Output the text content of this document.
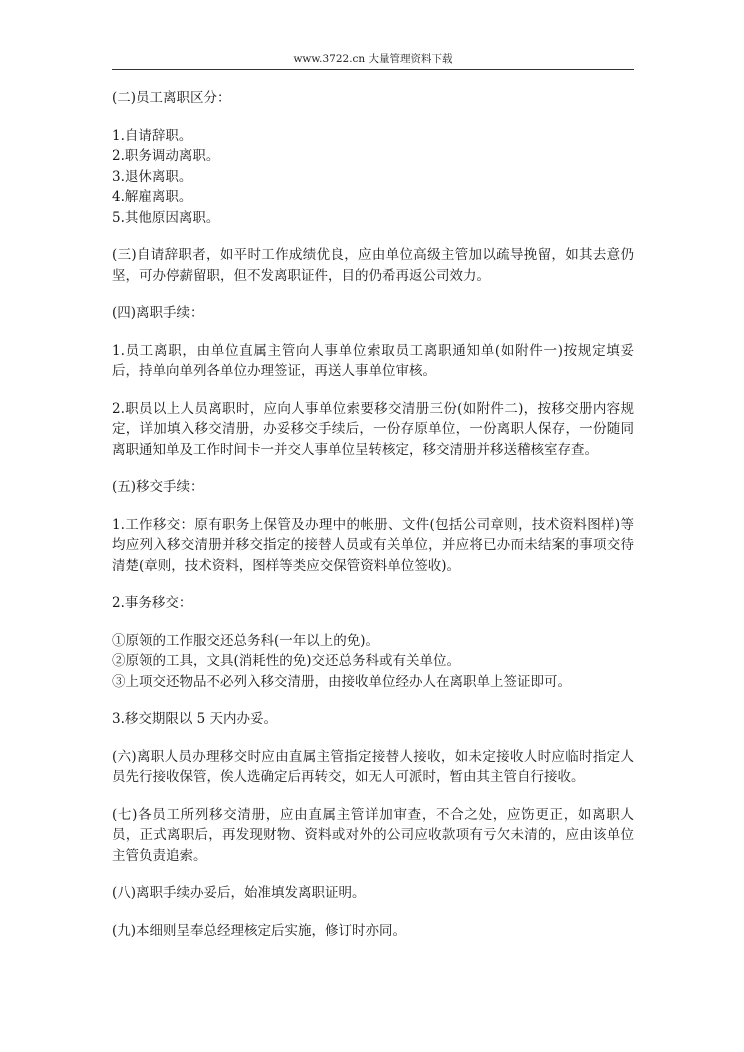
www.3722.cn 大量管理资料下载

(二)员工离职区分：

1.自请辞职。
2.职务调动离职。
3.退休离职。
4.解雇离职。
5.其他原因离职。

(三)自请辞职者，如平时工作成绩优良，应由单位高级主管加以疏导挽留，如其去意仍坚，可办停薪留职，但不发离职证件，目的仍希再返公司效力。

(四)离职手续：

1.员工离职，由单位直属主管向人事单位索取员工离职通知单(如附件一)按规定填妥后，持单向单列各单位办理签证，再送人事单位审核。

2.职员以上人员离职时，应向人事单位索要移交清册三份(如附件二)，按移交册内容规定，详加填入移交清册，办妥移交手续后，一份存原单位，一份离职人保存，一份随同离职通知单及工作时间卡一并交人事单位呈转核定，移交清册并移送稽核室存查。

(五)移交手续：

1.工作移交：原有职务上保管及办理中的帐册、文件(包括公司章则，技术资料图样)等均应列入移交清册并移交指定的接替人员或有关单位，并应将已办而未结案的事项交待清楚(章则，技术资料，图样等类应交保管资料单位签收)。

2.事务移交：

①原领的工作服交还总务科(一年以上的免)。
②原领的工具，文具(消耗性的免)交还总务科或有关单位。
③上项交还物品不必列入移交清册，由接收单位经办人在离职单上签证即可。

3.移交期限以 5 天内办妥。

(六)离职人员办理移交时应由直属主管指定接替人接收，如未定接收人时应临时指定人员先行接收保管，俟人选确定后再转交，如无人可派时，暂由其主管自行接收。

(七)各员工所列移交清册，应由直属主管详加审查，不合之处，应饬更正，如离职人员，正式离职后，再发现财物、资料或对外的公司应收款项有亏欠未清的，应由该单位主管负责追索。

(八)离职手续办妥后，始准填发离职证明。

(九)本细则呈奉总经理核定后实施，修订时亦同。
